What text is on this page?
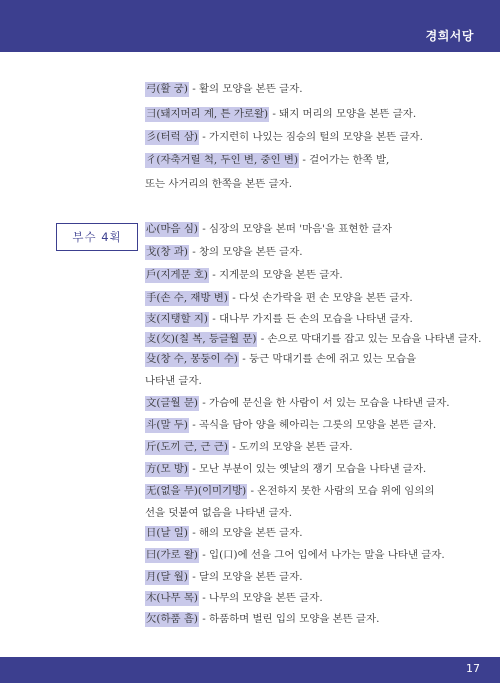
경희서당
弓(활 궁) - 활의 모양을 본뜬 글자.
彐(돼지머리 계, 튼 가로왈) - 돼지 머리의 모양을 본뜬 글자.
彡(터럭 삼) - 가지런히 나있는 짐승의 털의 모양을 본뜬 글자.
彳(자축거릴 척, 두인 변, 중인 변) - 걸어가는 한쪽 발,
또는 사거리의 한쪽을 본뜬 글자.
부수 4획
心(마음 심) - 심장의 모양을 본떠 '마음'을 표현한 글자
戈(창 과) - 창의 모양을 본뜬 글자.
戶(지게문 호) - 지게문의 모양을 본뜬 글자.
手(손 수, 재방 변) - 다섯 손가락을 편 손 모양을 본뜬 글자.
支(지탱할 지) - 대나무 가지를 든 손의 모습을 나타낸 글자.
攴(攵)(칠 복, 등글월 문) - 손으로 막대기를 잡고 있는 모습을 나타낸 글자.
殳(창 수, 몽둥이 수) - 둥근 막대기를 손에 쥐고 있는 모습을
나타낸 글자.
文(글월 문) - 가슴에 문신을 한 사람이 서 있는 모습을 나타낸 글자.
斗(말 두) - 곡식을 담아 양을 헤아리는 그릇의 모양을 본뜬 글자.
斤(도끼 근, 근 근) - 도끼의 모양을 본뜬 글자.
方(모 방) - 모난 부분이 있는 옛날의 쟁기 모습을 나타낸 글자.
无(없을 무)(이미기방) - 온전하지 못한 사람의 모습 위에 임의의
선을 덧붙여 없음을 나타낸 글자.
日(날 일) - 해의 모양을 본뜬 글자.
曰(가로 왈) - 입(口)에 선을 그어 입에서 나가는 말을 나타낸 글자.
月(달 월) - 달의 모양을 본뜬 글자.
木(나무 목) - 나무의 모양을 본뜬 글자.
欠(하품 흠) - 하품하며 벌린 입의 모양을 본뜬 글자.
17
